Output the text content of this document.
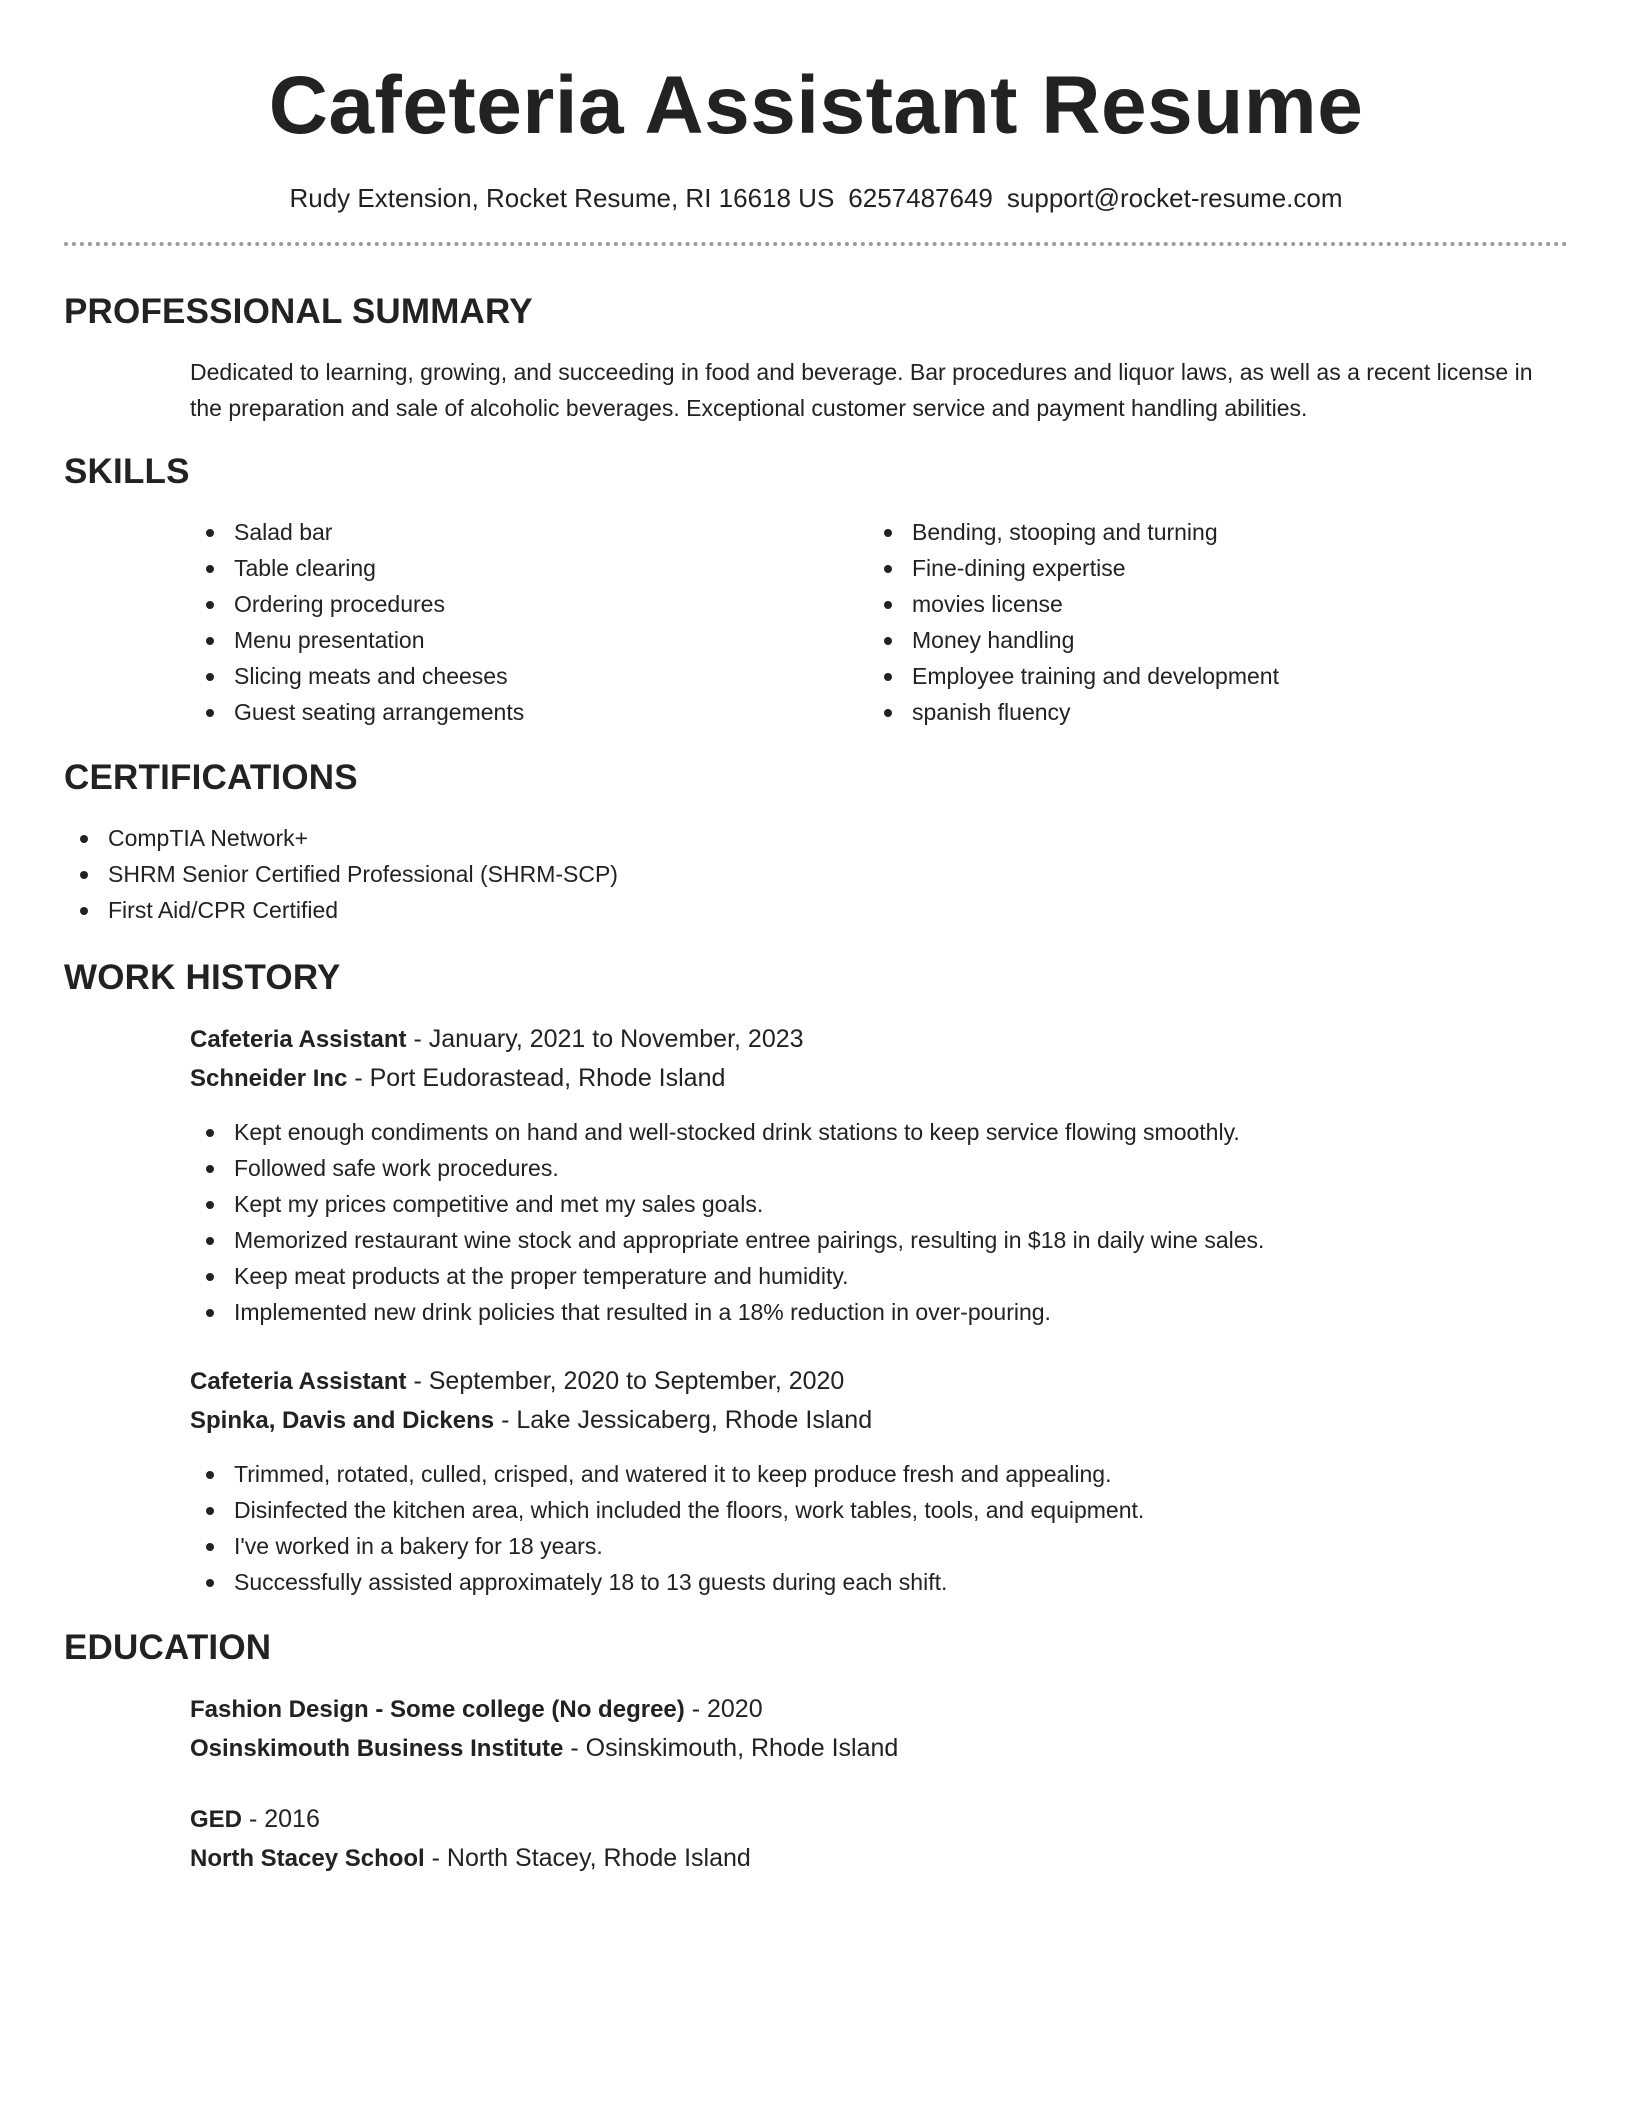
Cafeteria Assistant Resume
Rudy Extension, Rocket Resume, RI 16618 US 6257487649 support@rocket-resume.com
PROFESSIONAL SUMMARY
Dedicated to learning, growing, and succeeding in food and beverage. Bar procedures and liquor laws, as well as a recent license in the preparation and sale of alcoholic beverages. Exceptional customer service and payment handling abilities.
SKILLS
Salad bar
Table clearing
Ordering procedures
Menu presentation
Slicing meats and cheeses
Guest seating arrangements
Bending, stooping and turning
Fine-dining expertise
movies license
Money handling
Employee training and development
spanish fluency
CERTIFICATIONS
CompTIA Network+
SHRM Senior Certified Professional (SHRM-SCP)
First Aid/CPR Certified
WORK HISTORY
Cafeteria Assistant - January, 2021 to November, 2023
Schneider Inc - Port Eudorastead, Rhode Island
Kept enough condiments on hand and well-stocked drink stations to keep service flowing smoothly.
Followed safe work procedures.
Kept my prices competitive and met my sales goals.
Memorized restaurant wine stock and appropriate entree pairings, resulting in $18 in daily wine sales.
Keep meat products at the proper temperature and humidity.
Implemented new drink policies that resulted in a 18% reduction in over-pouring.
Cafeteria Assistant - September, 2020 to September, 2020
Spinka, Davis and Dickens - Lake Jessicaberg, Rhode Island
Trimmed, rotated, culled, crisped, and watered it to keep produce fresh and appealing.
Disinfected the kitchen area, which included the floors, work tables, tools, and equipment.
I've worked in a bakery for 18 years.
Successfully assisted approximately 18 to 13 guests during each shift.
EDUCATION
Fashion Design - Some college (No degree) - 2020
Osinskimouth Business Institute - Osinskimouth, Rhode Island
GED - 2016
North Stacey School - North Stacey, Rhode Island
